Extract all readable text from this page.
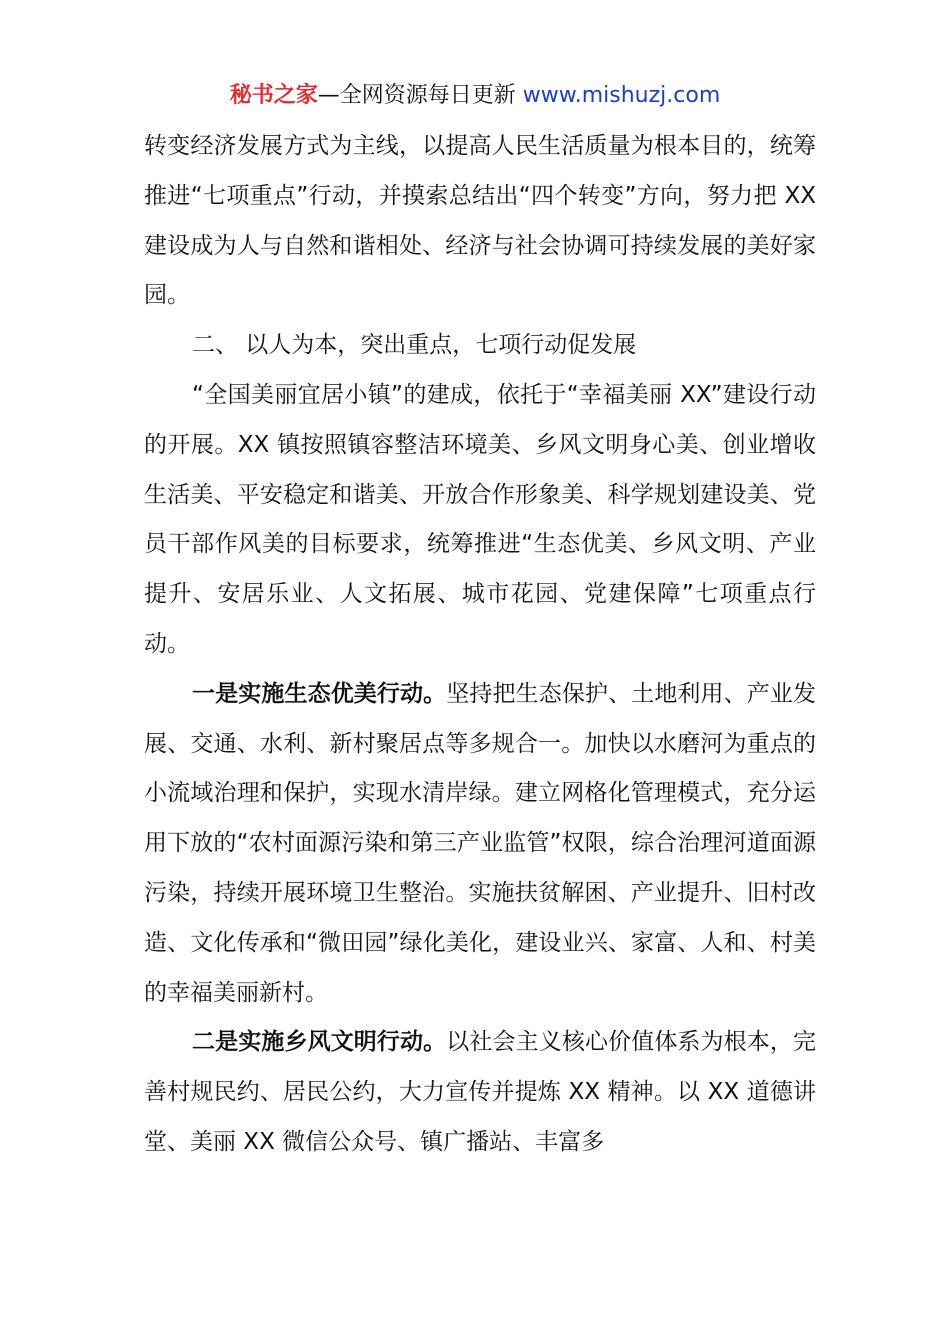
秘书之家—全网资源每日更新 www.mishuzj.com

转变经济发展方式为主线，以提高人民生活质量为根本目的，统筹推进“七项重点”行动，并摸索总结出“四个转变”方向，努力把 XX 建设成为人与自然和谐相处、经济与社会协调可持续发展的美好家园。

二、 以人为本，突出重点，七项行动促发展

“全国美丽宜居小镇”的建成，依托于“幸福美丽 XX”建设行动的开展。XX 镇按照镇容整洁环境美、乡风文明身心美、创业增收生活美、平安稳定和谐美、开放合作形象美、科学规划建设美、党员干部作风美的目标要求，统筹推进“生态优美、乡风文明、产业提升、安居乐业、人文拓展、城市花园、党建保障”七项重点行动。

一是实施生态优美行动。坚持把生态保护、土地利用、产业发展、交通、水利、新村聚居点等多规合一。加快以水磨河为重点的小流域治理和保护，实现水清岸绿。建立网格化管理模式，充分运用下放的“农村面源污染和第三产业监管”权限，综合治理河道面源污染，持续开展环境卫生整治。实施扶贫解困、产业提升、旧村改造、文化传承和“微田园”绿化美化，建设业兴、家富、人和、村美的幸福美丽新村。

二是实施乡风文明行动。以社会主义核心价值体系为根本，完善村规民约、居民公约，大力宣传并提炼 XX 精神。以 XX 道德讲堂、美丽 XX 微信公众号、镇广播站、丰富多
